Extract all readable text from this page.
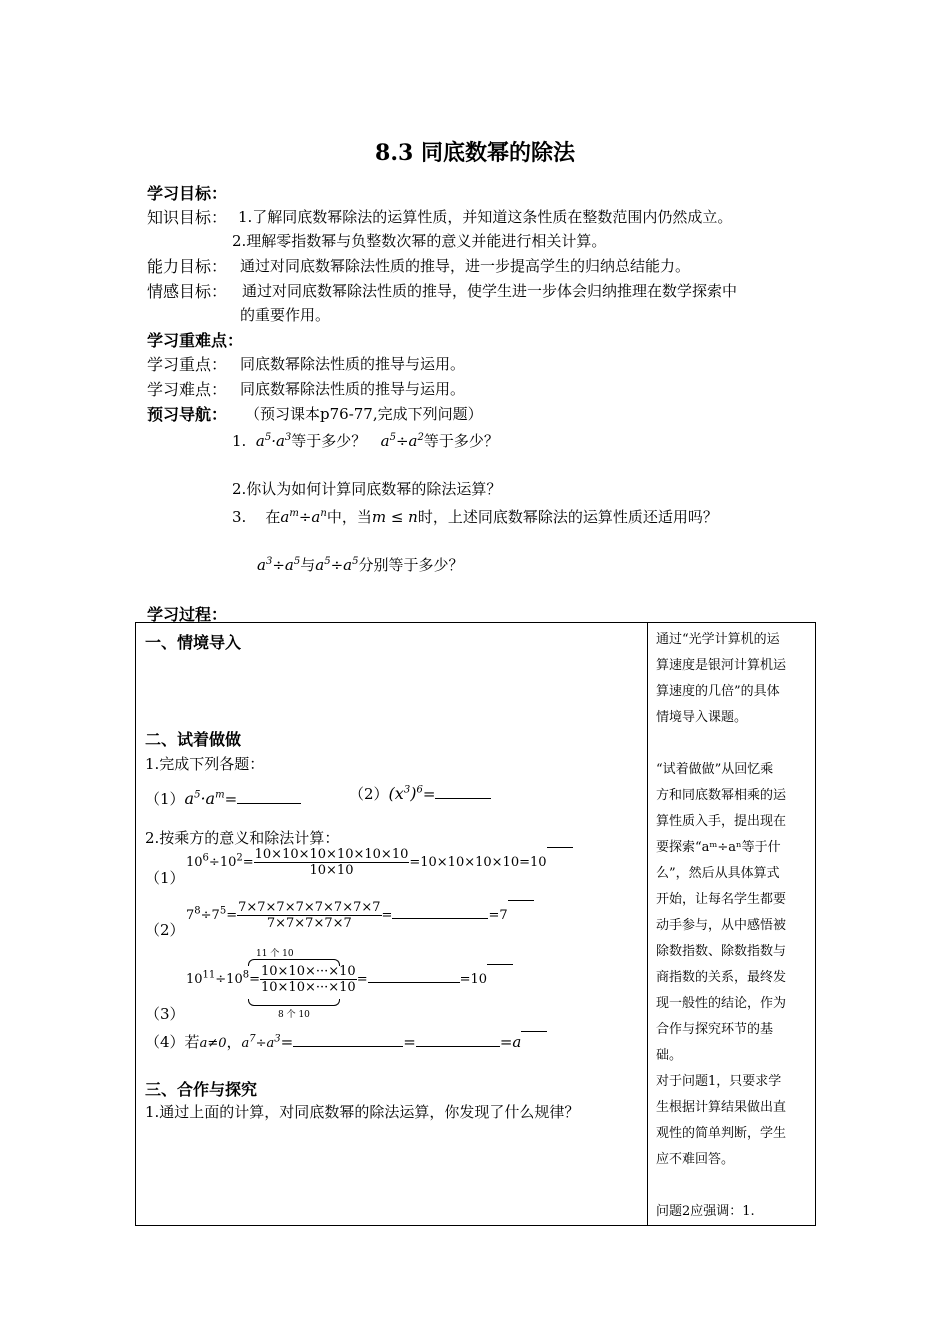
8.3 同底数幂的除法
学习目标：
知识目标： 1.了解同底数幂除法的运算性质，并知道这条性质在整数范围内仍然成立。
2.理解零指数幂与负整数次幂的意义并能进行相关计算。
能力目标： 通过对同底数幂除法性质的推导，进一步提高学生的归纳总结能力。
情感目标： 通过对同底数幂除法性质的推导，使学生进一步体会归纳推理在数学探索中
的重要作用。
学习重难点：
学习重点： 同底数幂除法性质的推导与运用。
学习难点： 同底数幂除法性质的推导与运用。
预习导航： （预习课本p76-77,完成下列问题）
1. $a^5\cdot a^3$等于多少？ $a^5\div a^2$等于多少？
2.你认为如何计算同底数幂的除法运算？
3. 在$a^m\div a^n$中，当m ≤ n时，上述同底数幂除法的运算性质还适用吗？
$a^3\div a^5$与$a^5\div a^5$分别等于多少？
学习过程：
一、情境导入
二、试着做做
1.完成下列各题：
$(1)a^5\cdot a^m=$	$(2)(x^3)^6=$
2.按乘方的意义和除法计算：
（1）
$10^6\div 10^2= \frac{10\times 10\times 10\times 10\times 10\times 10}{10\times 10} =10\times 10\times 10\times 10=10$
（2）
$7^8\div 7^5= \frac{7\times 7\times 7\times 7\times 7\times 7\times 7\times 7}{7\times 7\times 7\times 7\times 7}$ =	=7
11 个 10
$10^{11}\div 10^8= \frac{10\times 10\times\cdot\cdot\cdot\times 10}{10\times 10\times\cdot\cdot\cdot\times 10}$ =	=10
8 个 10
（3）
（4）若a≠0，$a^7\div a^3=$	=	=a
三、合作与探究
1.通过上面的计算，对同底数幂的除法运算，你发现了什么规律？

通过“光学计算机的运
算速度是银河计算机运
算速度的几倍”的具体
情境导入课题。
“试着做做”从回忆乘
方和同底数幂相乘的运
算性质入手，提出现在
要探索“aᵐ÷aⁿ等于什
么”，然后从具体算式
开始，让每名学生都要
动手参与，从中感悟被
除数指数、除数指数与
商指数的关系，最终发
现一般性的结论，作为
合作与探究环节的基
础。
对于问题1，只要求学
生根据计算结果做出直
观性的简单判断，学生
应不难回答。
问题2应强调：1.
